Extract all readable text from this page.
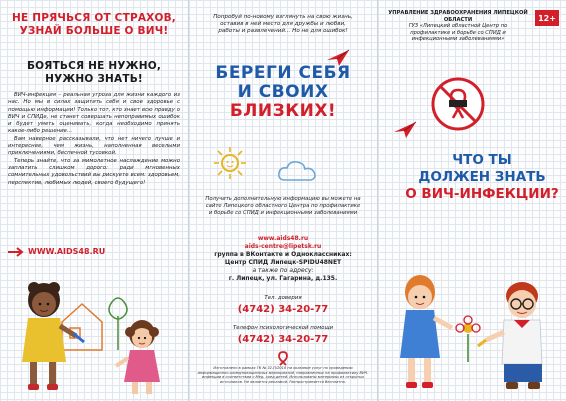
НЕ ПРЯЧЬСЯ ОТ СТРАХОВ, УЗНАЙ БОЛЬШЕ О ВИЧ!
БОЯТЬСЯ НЕ НУЖНО, НУЖНО ЗНАТЬ!

ВИЧ-инфекция – реальная угроза для жизни каждого из нас. Но мы в силах защитить себя и свое здоровье с помощью информации! Только тот, кто знает всю правду о ВИЧ и СПИДе, не станет совершать непоправимых ошибок и будет уметь оценивать, когда необходимо принять какое-либо решение...

Вам наверное рассказывали, что нет ничего лучше и интереснее, чем жизнь, наполненная веселыми приключениями, беспечной тусовкой.

Теперь знайте, что за мимолетное наслаждение можно заплатить слишком дорого: ради мгновенных сомнительных удовольствий вы рискуете всем: здоровьем, перспектив, любимых людей, своего будущего!

WWW.AIDS48.RU
Попробуй по-новому взглянуть на свою жизнь,
оставив в ней место для дружбы и любви,
работы и развлечений... Но не для ошибок!
БЕРЕГИ СЕБЯ
И СВОИХ
БЛИЗКИХ!
Получить дополнительную информацию вы можете на сайте Липецкого областного Центра по профилактике и борьбе со СПИД и инфекционными заболеваниями
www.aids48.ru
aids-centre@lipetsk.ru
группа в ВКонтакте и Одноклассниках:
Центр СПИД Липецк-SPIDU48NET
а также по адресу:
г. Липецк, ул. Гагарина, д.135.
Тел. доверия
(4742) 34-20-77
Телефон психологической помощи
(4742) 34-20-77
Изготовлено в рамках ГК № 32-П/2018 на оказание услуг по проведению информационно-коммуникационных мероприятий, направленных на профилактику ВИЧ-инфекции в соответствии с Мед. сред.детей. Использованы материалы из открытых источников. Не является рекламой. Распространяется бесплатно.
УПРАВЛЕНИЕ ЗДРАВООХРАНЕНИЯ ЛИПЕЦКОЙ ОБЛАСТИ
ГУЗ «Липецкий областной Центр по профилактике и борьбе со СПИД и инфекционными заболеваниями»
12+
ЧТО ТЫ
ДОЛЖЕН ЗНАТЬ
О ВИЧ-ИНФЕКЦИИ?
